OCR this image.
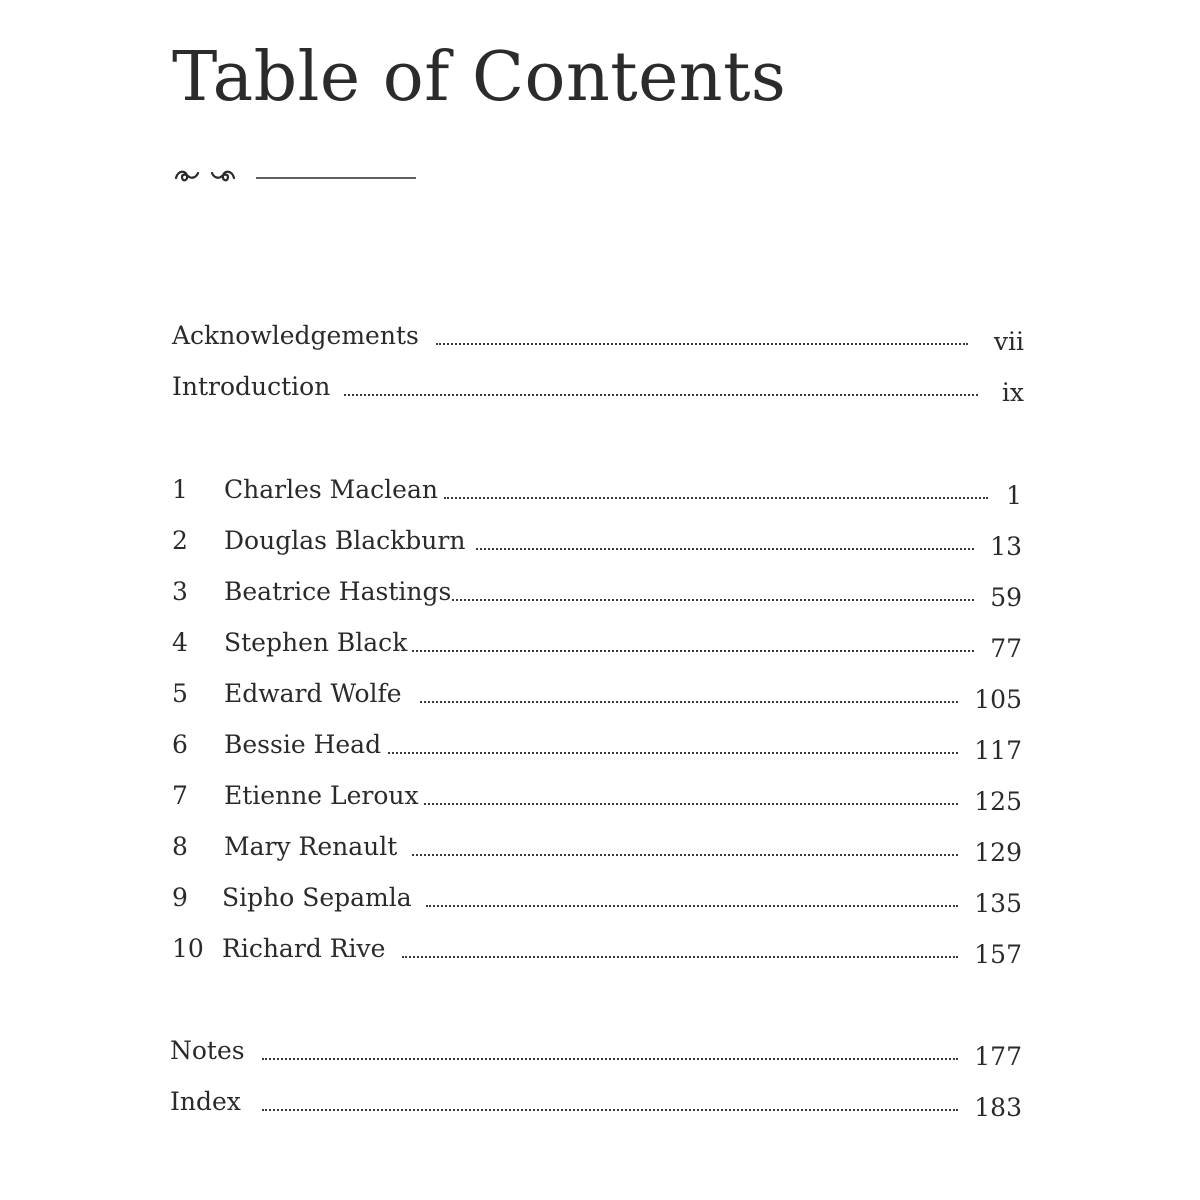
Table of Contents
Acknowledgements	vii
Introduction	ix
1 Charles Maclean	1
2 Douglas Blackburn	13
3 Beatrice Hastings	59
4 Stephen Black	77
5 Edward Wolfe	105
6 Bessie Head	117
7 Etienne Leroux	125
8 Mary Renault	129
9 Sipho Sepamla	135
10 Richard Rive	157
Notes	177
Index	183
